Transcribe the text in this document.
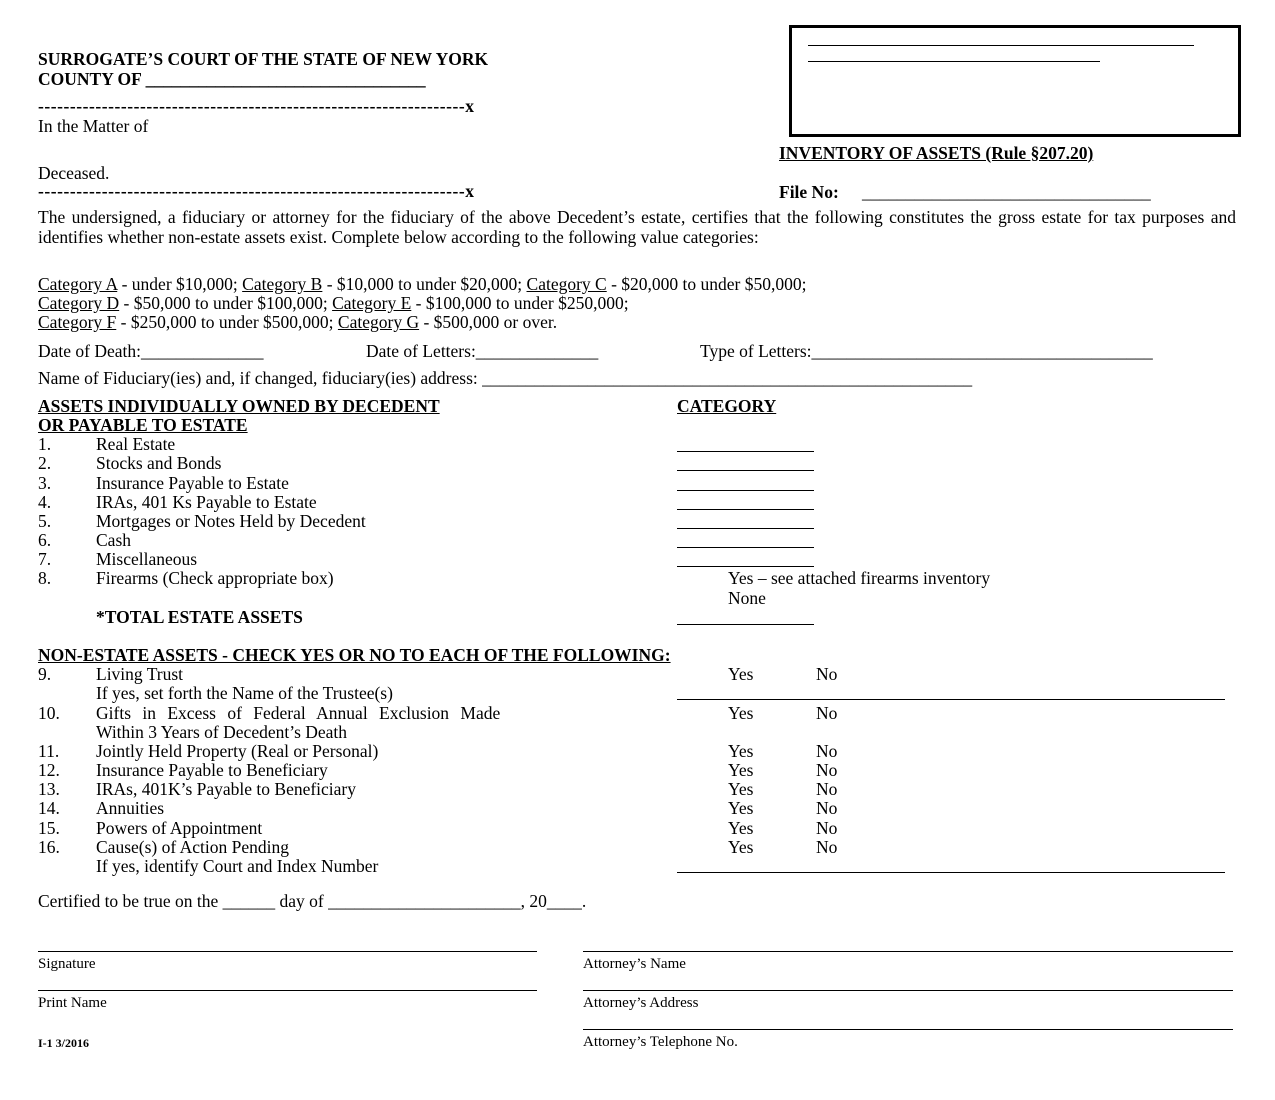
SURROGATE’S COURT OF THE STATE OF NEW YORK
COUNTY OF ________________________________
-------------------------------------------------------------------x
In the Matter of
Deceased.
-------------------------------------------------------------------x
INVENTORY OF ASSETS (Rule §207.20)
File No: _________________________________
The undersigned, a fiduciary or attorney for the fiduciary of the above Decedent’s estate, certifies that the following constitutes the gross estate for tax purposes and identifies whether non-estate assets exist. Complete below according to the following value categories:
Category A - under $10,000; Category B - $10,000 to under $20,000; Category C - $20,000 to under $50,000;
Category D - $50,000 to under $100,000; Category E - $100,000 to under $250,000;
Category F - $250,000 to under $500,000; Category G - $500,000 or over.
Date of Death:______________	Date of Letters:______________	Type of Letters:_______________________________________
Name of Fiduciary(ies) and, if changed, fiduciary(ies) address: ________________________________________________________
ASSETS INDIVIDUALLY OWNED BY DECEDENT
OR PAYABLE TO ESTATE
CATEGORY
1.	Real Estate
2.	Stocks and Bonds
3.	Insurance Payable to Estate
4.	IRAs, 401 Ks Payable to Estate
5.	Mortgages or Notes Held by Decedent
6.	Cash
7.	Miscellaneous
8.	Firearms (Check appropriate box)	Yes – see attached firearms inventory
None
*TOTAL ESTATE ASSETS
NON-ESTATE ASSETS - CHECK YES OR NO TO EACH OF THE FOLLOWING:
9.	Living Trust	Yes	No
If yes, set forth the Name of the Trustee(s)
10. Gifts in Excess of Federal Annual Exclusion Made	Yes	No
Within 3 Years of Decedent’s Death
11. Jointly Held Property (Real or Personal)	Yes	No
12. Insurance Payable to Beneficiary	Yes	No
13. IRAs, 401K’s Payable to Beneficiary	Yes	No
14. Annuities	Yes	No
15. Powers of Appointment	Yes	No
16. Cause(s) of Action Pending	Yes	No
If yes, identify Court and Index Number
Certified to be true on the ______ day of ______________________, 20____.
Signature	Attorney’s Name
Print Name	Attorney’s Address
I-1 3/2016	Attorney’s Telephone No.
